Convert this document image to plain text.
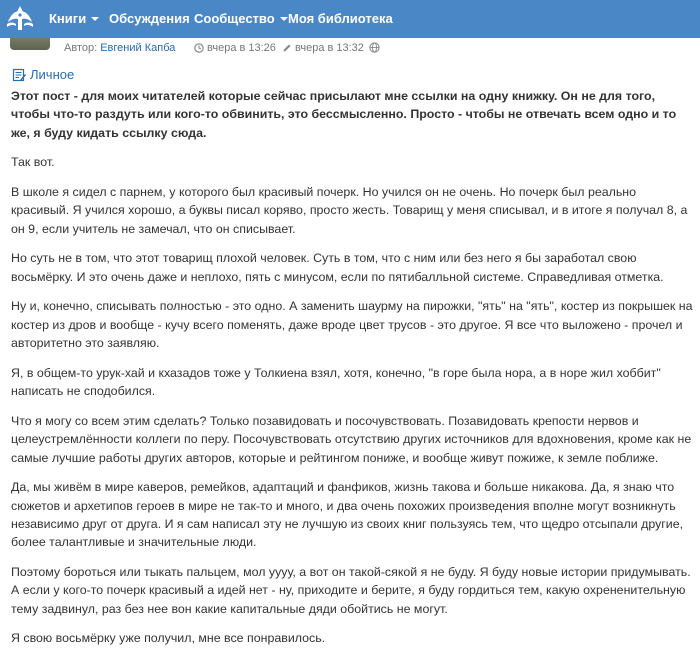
Книги	Обсуждения Сообщество	Моя библиотека
Автор: Евгений Капба	вчера в 13:26	вчера в 13:32
Личное

Этот пост - для моих читателей которые сейчас присылают мне ссылки на одну книжку. Он не для того, чтобы что-то раздуть или кого-то обвинить, это бессмысленно. Просто - чтобы не отвечать всем одно и то же, я буду кидать ссылку сюда.

Так вот.

В школе я сидел с парнем, у которого был красивый почерк. Но учился он не очень. Но почерк был реально красивый. Я учился хорошо, а буквы писал коряво, просто жесть. Товарищ у меня списывал, и в итоге я получал 8, а он 9, если учитель не замечал, что он списывает.

Но суть не в том, что этот товарищ плохой человек. Суть в том, что с ним или без него я бы заработал свою восьмёрку. И это очень даже и неплохо, пять с минусом, если по пятибалльной системе. Справедливая отметка.

Ну и, конечно, списывать полностью - это одно. А заменить шаурму на пирожки, "ять" на "ять", костер из покрышек на костер из дров и вообще - кучу всего поменять, даже вроде цвет трусов - это другое. Я все что выложено - прочел и авторитетно это заявляю.

Я, в общем-то урук-хай и кхазадов тоже у Толкиена взял, хотя, конечно, "в горе была нора, а в норе жил хоббит" написать не сподобился.

Что я могу со всем этим сделать? Только позавидовать и посочувствовать. Позавидовать крепости нервов и целеустремлённости коллеги по перу. Посочувствовать отсутствию других источников для вдохновения, кроме как не самые лучшие работы других авторов, которые и рейтингом пониже, и вообще живут пожиже, к земле поближе.

Да, мы живём в мире каверов, ремейков, адаптаций и фанфиков, жизнь такова и больше никакова. Да, я знаю что сюжетов и архетипов героев в мире не так-то и много, и два очень похожих произведения вполне могут возникнуть независимо друг от друга. И я сам написал эту не лучшую из своих книг пользуясь тем, что щедро отсыпали другие, более талантливые и значительные люди.

Поэтому бороться или тыкать пальцем, мол уууу, а вот он такой-сякой я не буду. Я буду новые истории придумывать. А если у кого-то почерк красивый а идей нет - ну, приходите и берите, я буду гордиться тем, какую охрененительную тему задвинул, раз без нее вон какие капитальные дяди обойтись не могут.

Я свою восьмёрку уже получил, мне все понравилось.
